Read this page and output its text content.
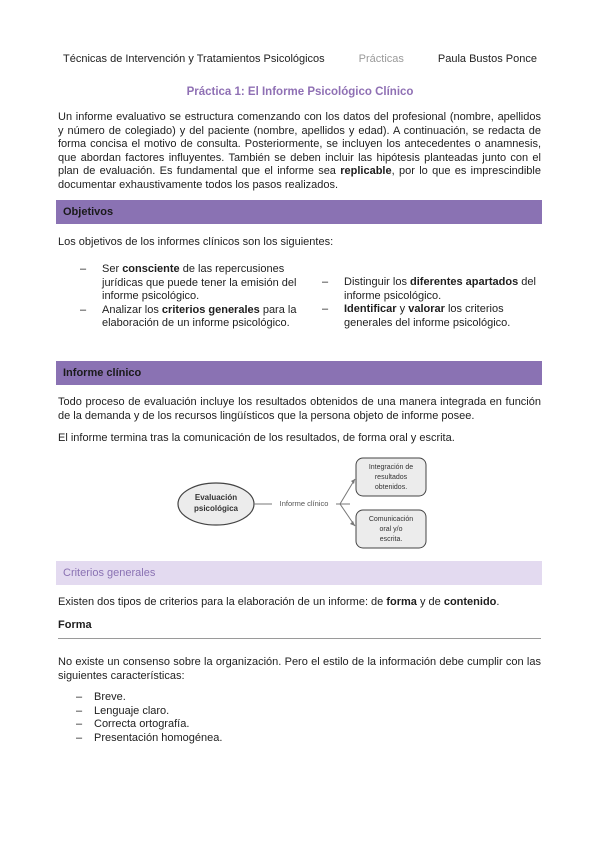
Técnicas de Intervención y Tratamientos Psicológicos	Prácticas	Paula Bustos Ponce
Práctica 1: El Informe Psicológico Clínico
Un informe evaluativo se estructura comenzando con los datos del profesional (nombre, apellidos y número de colegiado) y del paciente (nombre, apellidos y edad). A continuación, se redacta de forma concisa el motivo de consulta. Posteriormente, se incluyen los antecedentes o anamnesis, que abordan factores influyentes. También se deben incluir las hipótesis planteadas junto con el plan de evaluación. Es fundamental que el informe sea replicable, por lo que es imprescindible documentar exhaustivamente todos los pasos realizados.
Objetivos
Los objetivos de los informes clínicos son los siguientes:
– Ser consciente de las repercusiones jurídicas que puede tener la emisión del informe psicológico.
– Analizar los criterios generales para la elaboración de un informe psicológico.
– Distinguir los diferentes apartados del informe psicológico.
– Identificar y valorar los criterios generales del informe psicológico.
Informe clínico
Todo proceso de evaluación incluye los resultados obtenidos de una manera integrada en función de la demanda y de los recursos lingüísticos que la persona objeto de informe posee.
El informe termina tras la comunicación de los resultados, de forma oral y escrita.
Evaluación
psicológica
Informe clínico
Integración de
resultados
obtenidos.
Comunicación
oral y/o
escrita.
Criterios generales
Existen dos tipos de criterios para la elaboración de un informe: de forma y de contenido.
Forma
No existe un consenso sobre la organización. Pero el estilo de la información debe cumplir con las siguientes características:
– Breve.
– Lenguaje claro.
– Correcta ortografía.
– Presentación homogénea.
